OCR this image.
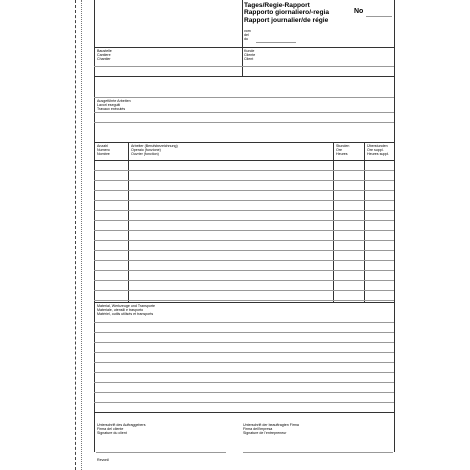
Tages/Regie-Rapport
Rapporto giornaliero/-regia
Rapport journalier/de régie
No
vom
del
du
Baustelle
Cantiere
Chantier
Kunde
Cliente
Client
Ausgeführte Arbeiten
Lavori eseguiti
Travaux exécutés
Anzahl
Numero
Nombre
Arbeiter (Berufsbezeichnung)
Operaio (funzione)
Ouvrier (fonction)
Stunden
Ore
Heures
Überstunden
Ore suppl.
Heures suppl.
Material, Werkzeuge und Transporte
Materiale, utensili e trasporto
Matériel, outils utilisés et transports
Unterschrift des Auftraggebers
Firma del cliente
Signature du client
Unterschrift der beauftragten Firma
Firma dell'impresa
Signature de l'entrepreneur
Revonil
